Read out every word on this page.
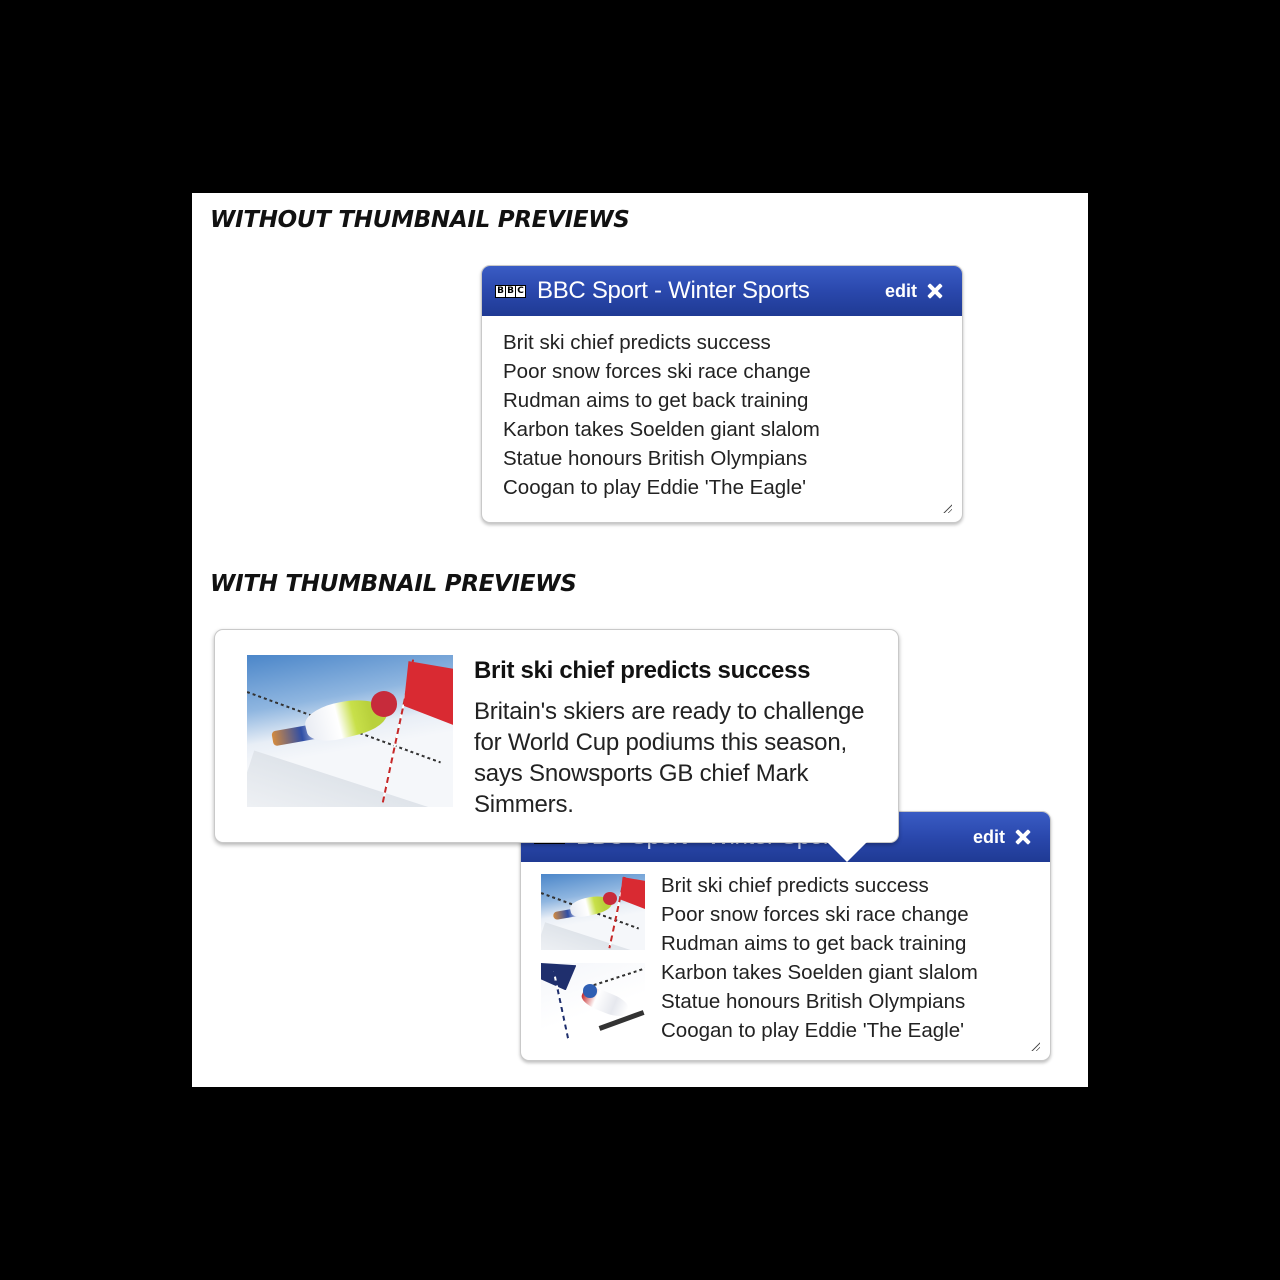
WITHOUT THUMBNAIL PREVIEWS
B B C BBC Sport - Winter Sports	edit
Brit ski chief predicts success
Poor snow forces ski race change
Rudman aims to get back training
Karbon takes Soelden giant slalom
Statue honours British Olympians
Coogan to play Eddie 'The Eagle'
WITH THUMBNAIL PREVIEWS
Brit ski chief predicts success

Britain's skiers are ready to challenge for World Cup podiums this season, says Snowsports GB chief Mark Simmers.

edit
Brit ski chief predicts success
Poor snow forces ski race change
Rudman aims to get back training
Karbon takes Soelden giant slalom
Statue honours British Olympians
Coogan to play Eddie 'The Eagle'
